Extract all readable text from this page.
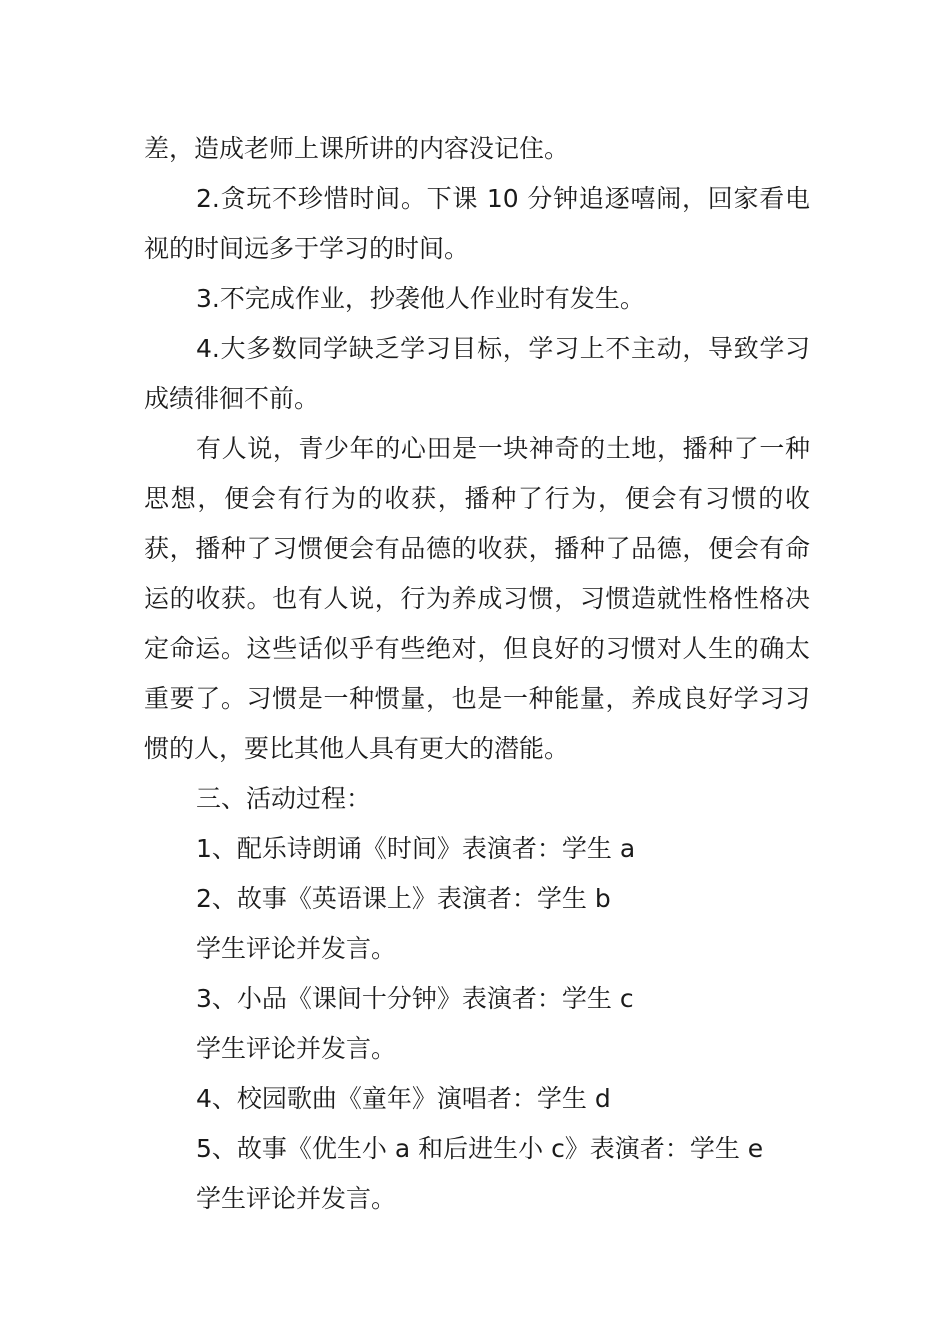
差，造成老师上课所讲的内容没记住。

2.贪玩不珍惜时间。下课 10 分钟追逐嘻闹，回家看电视的时间远多于学习的时间。

3.不完成作业，抄袭他人作业时有发生。

4.大多数同学缺乏学习目标，学习上不主动，导致学习成绩徘徊不前。

有人说，青少年的心田是一块神奇的土地，播种了一种思想，便会有行为的收获，播种了行为，便会有习惯的收获，播种了习惯便会有品德的收获，播种了品德，便会有命运的收获。也有人说，行为养成习惯，习惯造就性格性格决定命运。这些话似乎有些绝对，但良好的习惯对人生的确太重要了。习惯是一种惯量，也是一种能量，养成良好学习习惯的人，要比其他人具有更大的潜能。

三、活动过程：

1、配乐诗朗诵《时间》表演者：学生 a

2、故事《英语课上》表演者：学生 b

学生评论并发言。

3、小品《课间十分钟》表演者：学生 c

学生评论并发言。

4、校园歌曲《童年》演唱者：学生 d

5、故事《优生小 a 和后进生小 c》表演者：学生 e

学生评论并发言。
